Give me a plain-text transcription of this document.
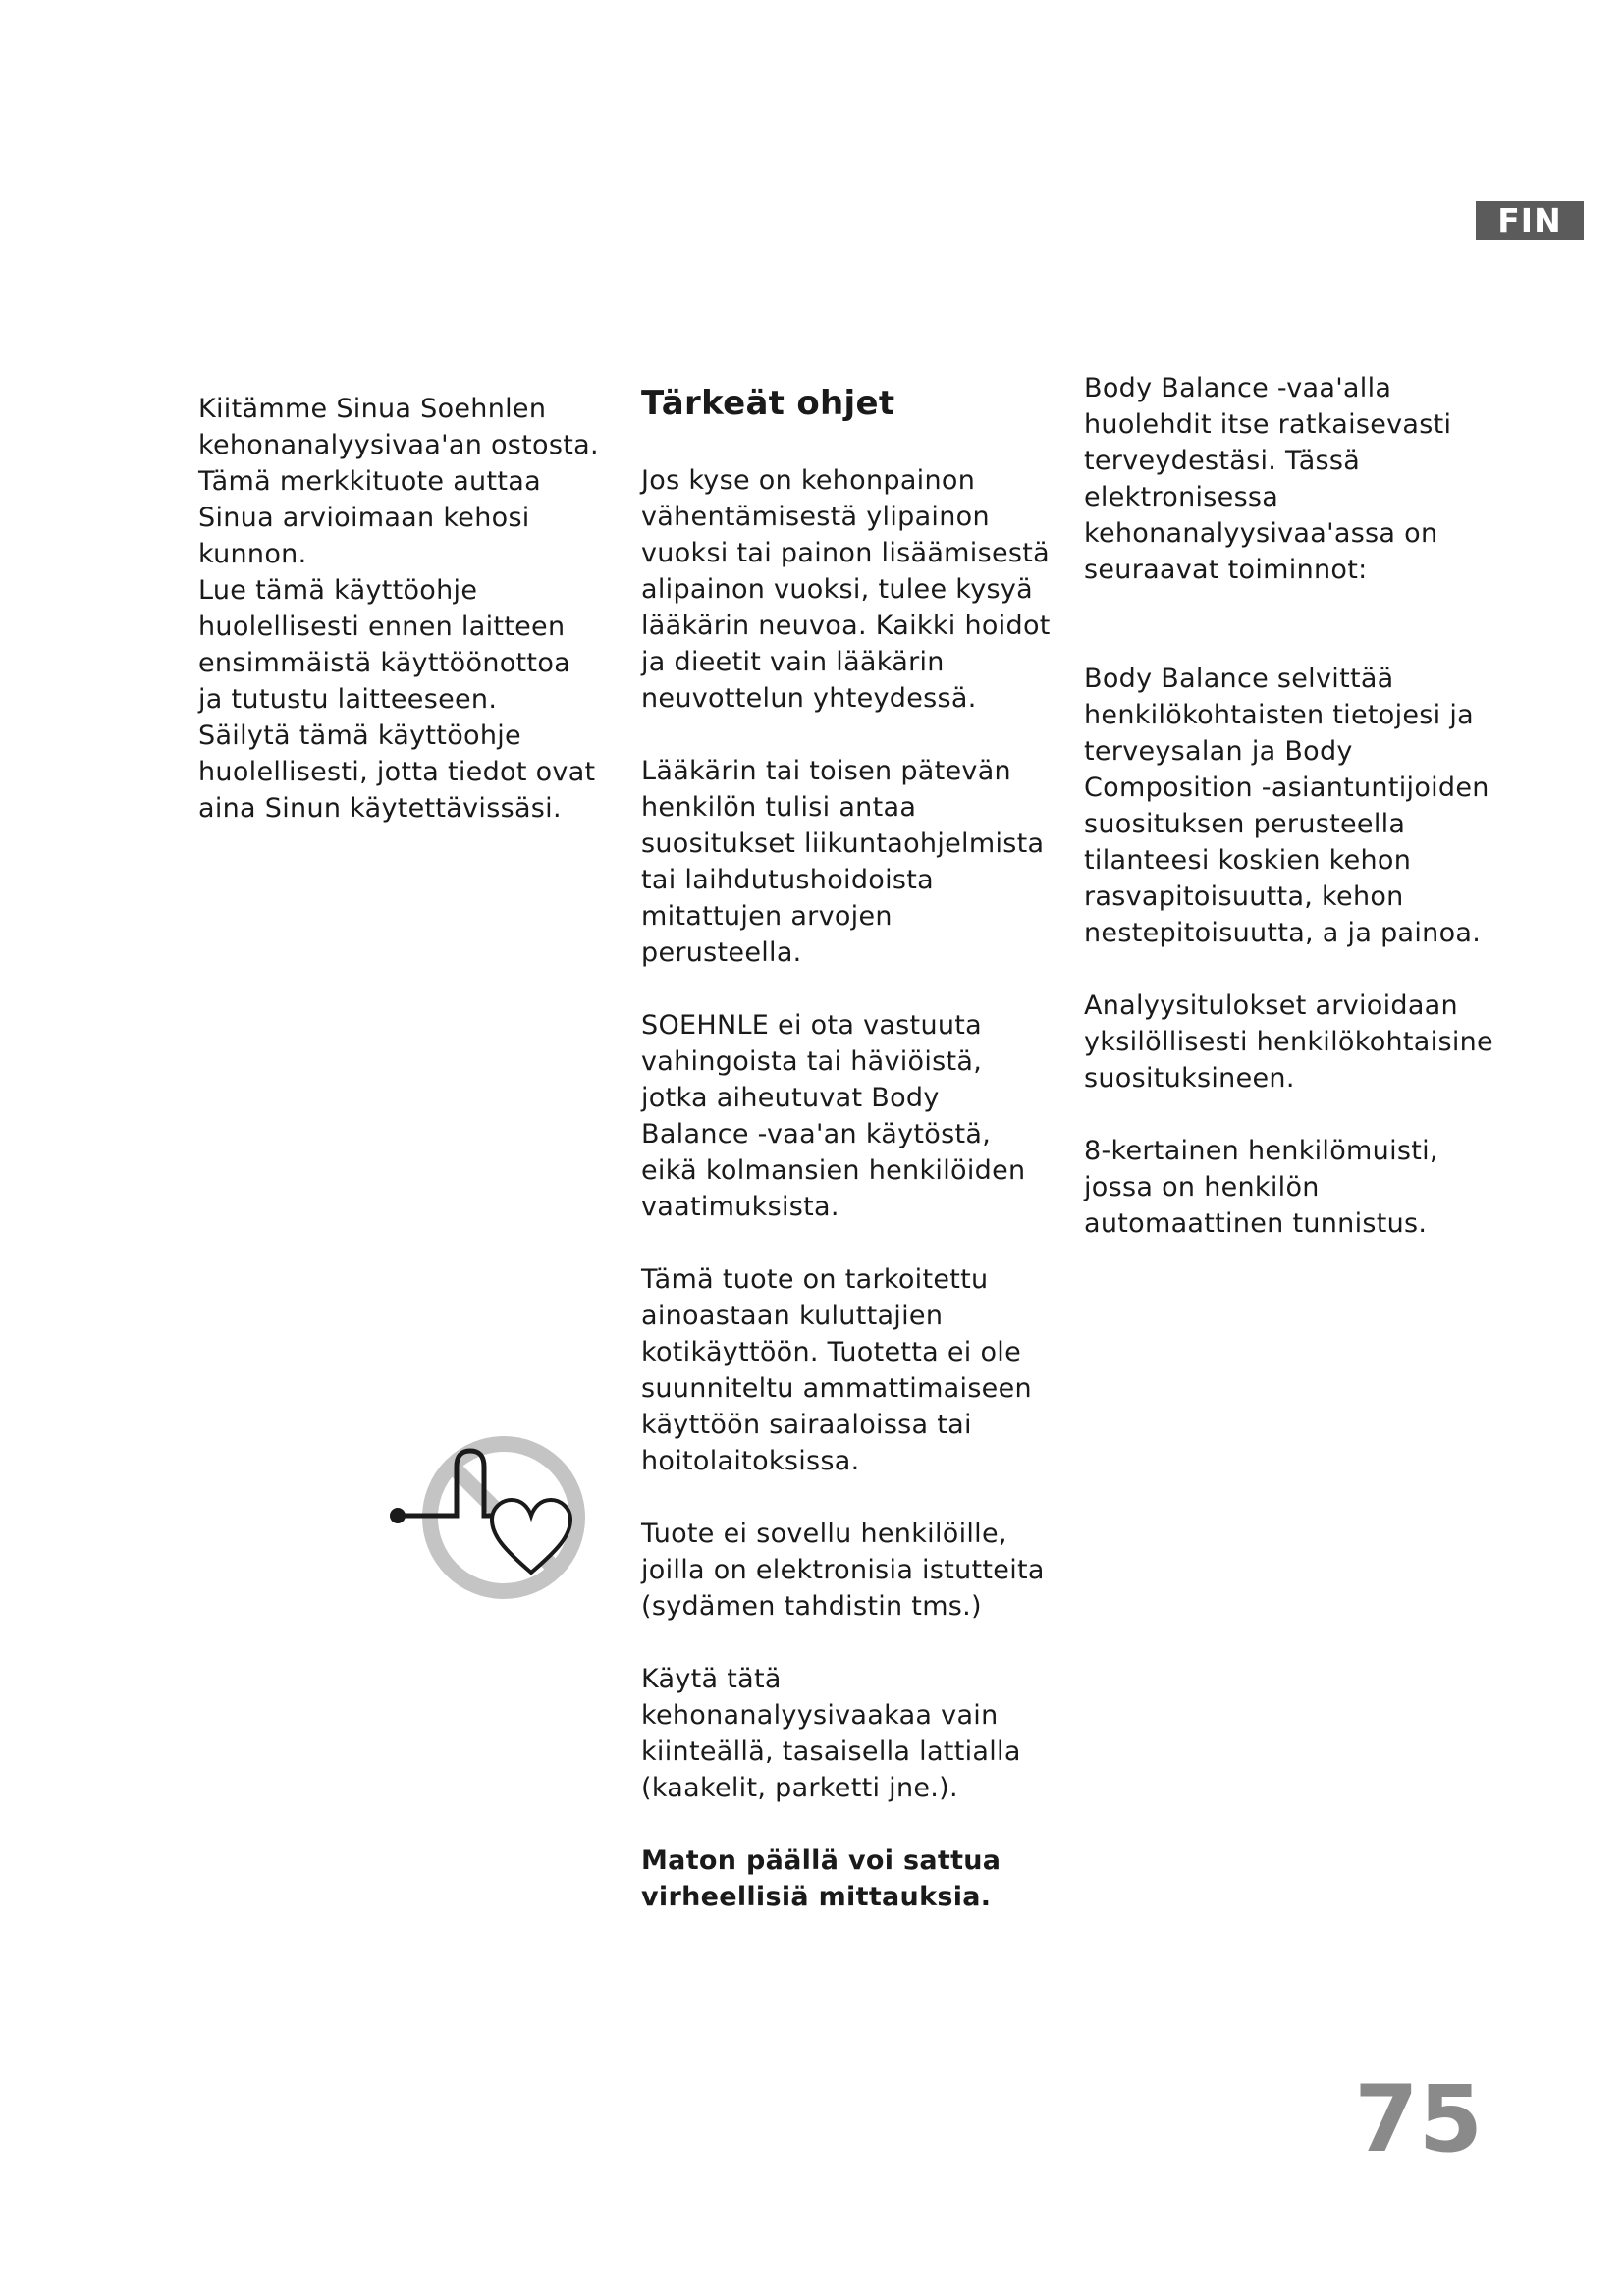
FIN

Kiitämme Sinua Soehnlen kehonanalyysivaa'an ostosta.

Tämä merkkituote auttaa Sinua arvioimaan kehosi kunnon.

Lue tämä käyttöohje huolellisesti ennen laitteen ensimmäistä käyttöönottoa ja tutustu laitteeseen.

Säilytä tämä käyttöohje huolellisesti, jotta tiedot ovat aina Sinun käytettävissäsi.

Tärkeät ohjet

Jos kyse on kehonpainon vähentämisestä ylipainon vuoksi tai painon lisäämisestä alipainon vuoksi, tulee kysyä lääkärin neuvoa. Kaikki hoidot ja dieetit vain lääkärin neuvottelun yhteydessä.

Lääkärin tai toisen pätevän henkilön tulisi antaa suositukset liikuntaohjelmista tai laihdutushoidoista mitattujen arvojen perusteella.

SOEHNLE ei ota vastuuta vahingoista tai häviöistä, jotka aiheutuvat Body Balance -vaa'an käytöstä, eikä kolmansien henkilöiden vaatimuksista.

Tämä tuote on tarkoitettu ainoastaan kuluttajien kotikäyttöön. Tuotetta ei ole suunniteltu ammattimaiseen käyttöön sairaaloissa tai hoitolaitoksissa.

Tuote ei sovellu henkilöille, joilla on elektronisia istutteita (sydämen tahdistin tms.)

Käytä tätä kehonanalyysivaakaa vain kiinteällä, tasaisella lattialla (kaakelit, parketti jne.).

Maton päällä voi sattua virheellisiä mittauksia.

Body Balance -vaa'alla huolehdit itse ratkaisevasti terveydestäsi. Tässä elektronisessa kehonanalyysivaa'assa on seuraavat toiminnot:

Body Balance selvittää henkilökohtaisten tietojesi ja terveysalan ja Body Composition -asiantuntijoiden suosituksen perusteella tilanteesi koskien kehon rasvapitoisuutta, kehon nestepitoisuutta, a ja painoa.

Analyysitulokset arvioidaan yksilöllisesti henkilökohtaisine suosituksineen.

8-kertainen henkilömuisti, jossa on henkilön automaattinen tunnistus.

75
